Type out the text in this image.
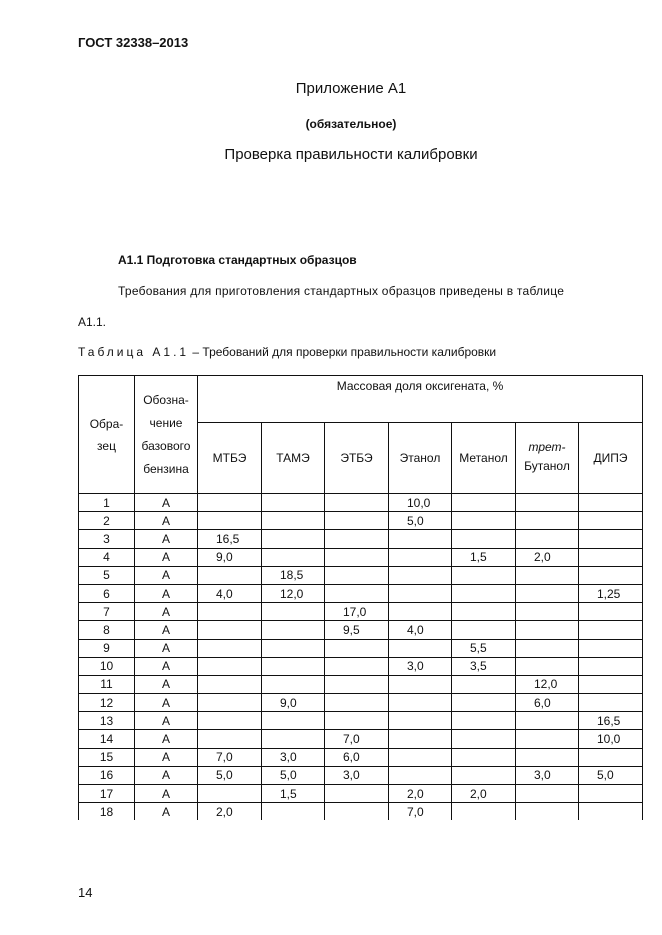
ГОСТ 32338–2013
Приложение А1
(обязательное)
Проверка правильности калибровки
А1.1 Подготовка стандартных образцов
Требования для приготовления стандартных образцов приведены в таблице
А1.1.
Таблица А1.1 – Требований для проверки правильности калибровки
Обра-
зец	Обозна-
чение
базового
бензина	Массовая доля оксигената, %						

		МТБЭ	ТАМЭ	ЭТБЭ	Этанол	Метанол	трет-
Бутанол	ДИПЭ

1	А				10,0			
2	А				5,0			
3	А	16,5						
4	А	9,0				1,5	2,0	
5	А		18,5					
6	А	4,0	12,0					1,25
7	А			17,0				
8	А			9,5	4,0			
9	А					5,5		
10	А				3,0	3,5		
11	А						12,0	
12	А		9,0				6,0	
13	А							16,5
14	А			7,0				10,0
15	А	7,0	3,0	6,0				
16	А	5,0	5,0	3,0			3,0	5,0
17	А		1,5		2,0	2,0		
18	А	2,0			7,0			
14
